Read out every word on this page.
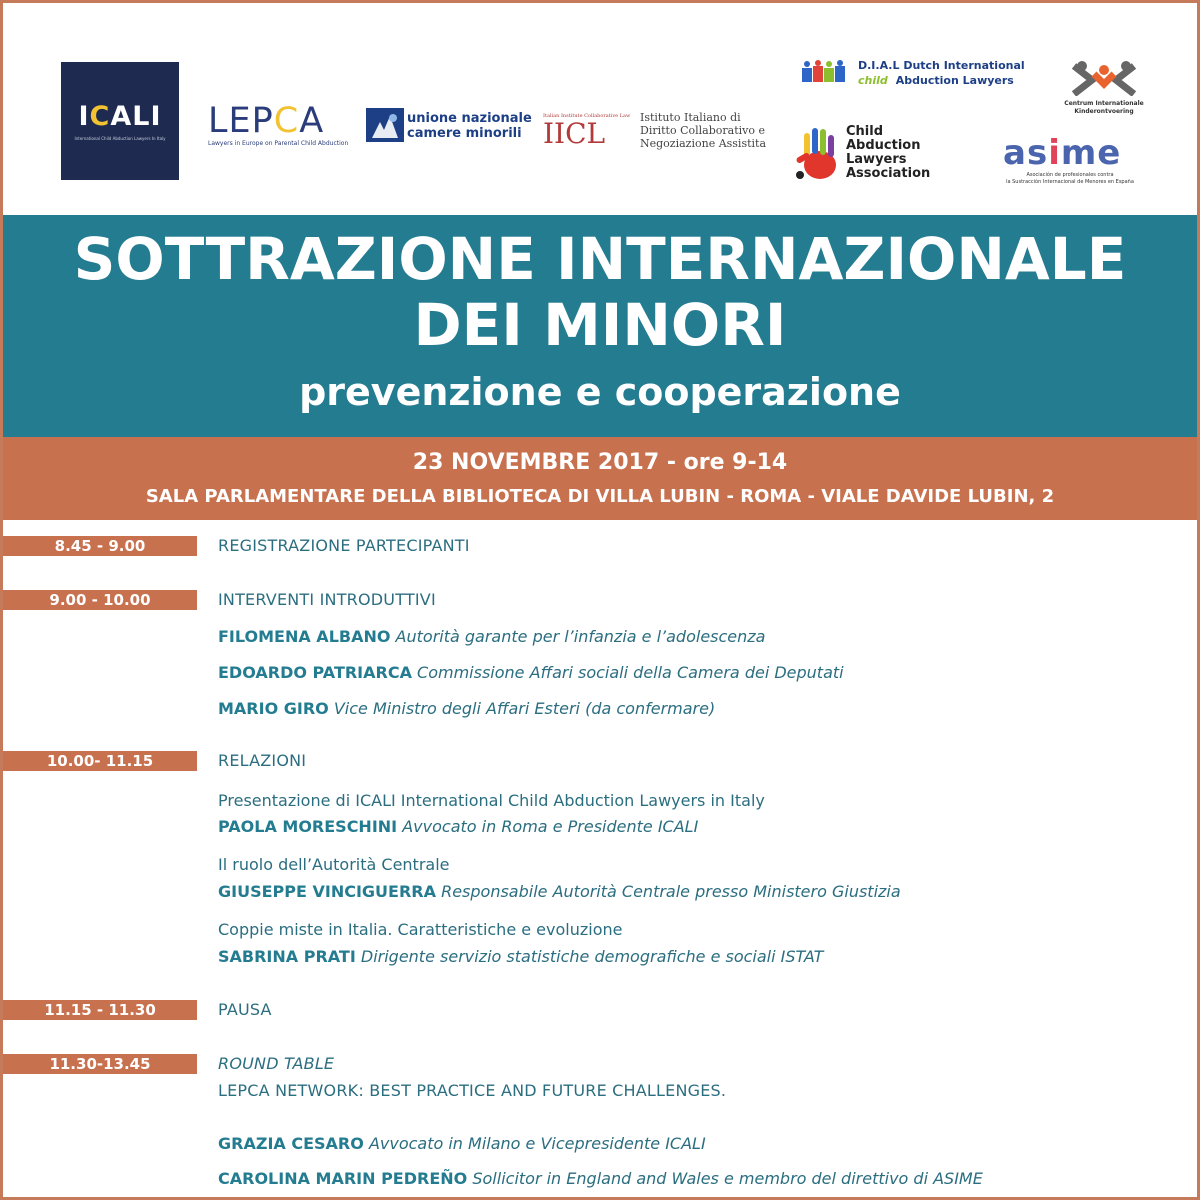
ICALI
International Child Abduction Lawyers In Italy LEPCA
Lawyers in Europe on Parental Child Abduction
unione nazionale
camere minorili IICL
Italian Institute Collaborative Law Istituto Italiano di
Diritto Collaborativo e
Negoziazione Assistita
D.I.A.L Dutch International
child Abduction Lawyers
Centrum Internationale
Kinderontvoering
Child
Abduction
Lawyers
Association
asime
Asociación de profesionales contra
la Sustracción Internacional de Menores en España
SOTTRAZIONE INTERNAZIONALE
DEI MINORI
prevenzione e cooperazione
23 NOVEMBRE 2017 - ore 9-14
SALA PARLAMENTARE DELLA BIBLIOTECA DI VILLA LUBIN - ROMA - VIALE DAVIDE LUBIN, 2
8.45 - 9.00	REGISTRAZIONE PARTECIPANTI
9.00 - 10.00	INTERVENTI INTRODUTTIVI
FILOMENA ALBANO Autorità garante per l’infanzia e l’adolescenza
EDOARDO PATRIARCA Commissione Affari sociali della Camera dei Deputati
MARIO GIRO Vice Ministro degli Affari Esteri (da confermare)
10.00- 11.15	RELAZIONI
Presentazione di ICALI International Child Abduction Lawyers in Italy
PAOLA MORESCHINI Avvocato in Roma e Presidente ICALI
Il ruolo dell’Autorità Centrale
GIUSEPPE VINCIGUERRA Responsabile Autorità Centrale presso Ministero Giustizia
Coppie miste in Italia. Caratteristiche e evoluzione
SABRINA PRATI Dirigente servizio statistiche demografiche e sociali ISTAT
11.15 - 11.30	PAUSA
11.30-13.45	ROUND TABLE
LEPCA NETWORK: BEST PRACTICE AND FUTURE CHALLENGES.
GRAZIA CESARO Avvocato in Milano e Vicepresidente ICALI
CAROLINA MARIN PEDREÑO Sollicitor in England and Wales e membro del direttivo di ASIME
